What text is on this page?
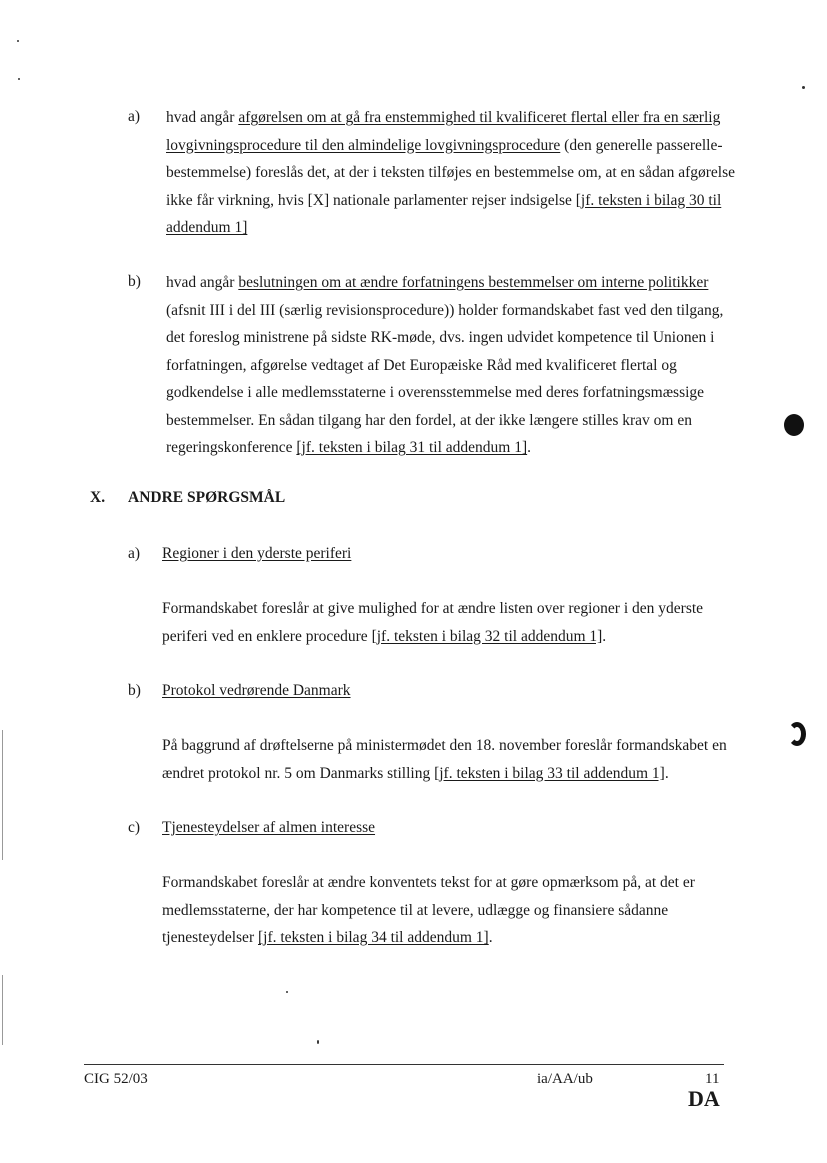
a) hvad angår afgørelsen om at gå fra enstemmighed til kvalificeret flertal eller fra en særlig lovgivningsprocedure til den almindelige lovgivningsprocedure (den generelle passerelle-bestemmelse) foreslås det, at der i teksten tilføjes en bestemmelse om, at en sådan afgørelse ikke får virkning, hvis [X] nationale parlamenter rejser indsigelse [jf. teksten i bilag 30 til addendum 1]
b) hvad angår beslutningen om at ændre forfatningens bestemmelser om interne politikker (afsnit III i del III (særlig revisionsprocedure)) holder formandskabet fast ved den tilgang, det foreslog ministrene på sidste RK-møde, dvs. ingen udvidet kompetence til Unionen i forfatningen, afgørelse vedtaget af Det Europæiske Råd med kvalificeret flertal og godkendelse i alle medlemsstaterne i overensstemmelse med deres forfatningsmæssige bestemmelser. En sådan tilgang har den fordel, at der ikke længere stilles krav om en regeringskonference [jf. teksten i bilag 31 til addendum 1].
X. ANDRE SPØRGSMÅL
a) Regioner i den yderste periferi
Formandskabet foreslår at give mulighed for at ændre listen over regioner i den yderste periferi ved en enklere procedure [jf. teksten i bilag 32 til addendum 1].
b) Protokol vedrørende Danmark
På baggrund af drøftelserne på ministermødet den 18. november foreslår formandskabet en ændret protokol nr. 5 om Danmarks stilling [jf. teksten i bilag 33 til addendum 1].
c) Tjenesteydelser af almen interesse
Formandskabet foreslår at ændre konventets tekst for at gøre opmærksom på, at det er medlemsstaterne, der har kompetence til at levere, udlægge og finansiere sådanne tjenesteydelser [jf. teksten i bilag 34 til addendum 1].
CIG 52/03	ia/AA/ub	11
DA
